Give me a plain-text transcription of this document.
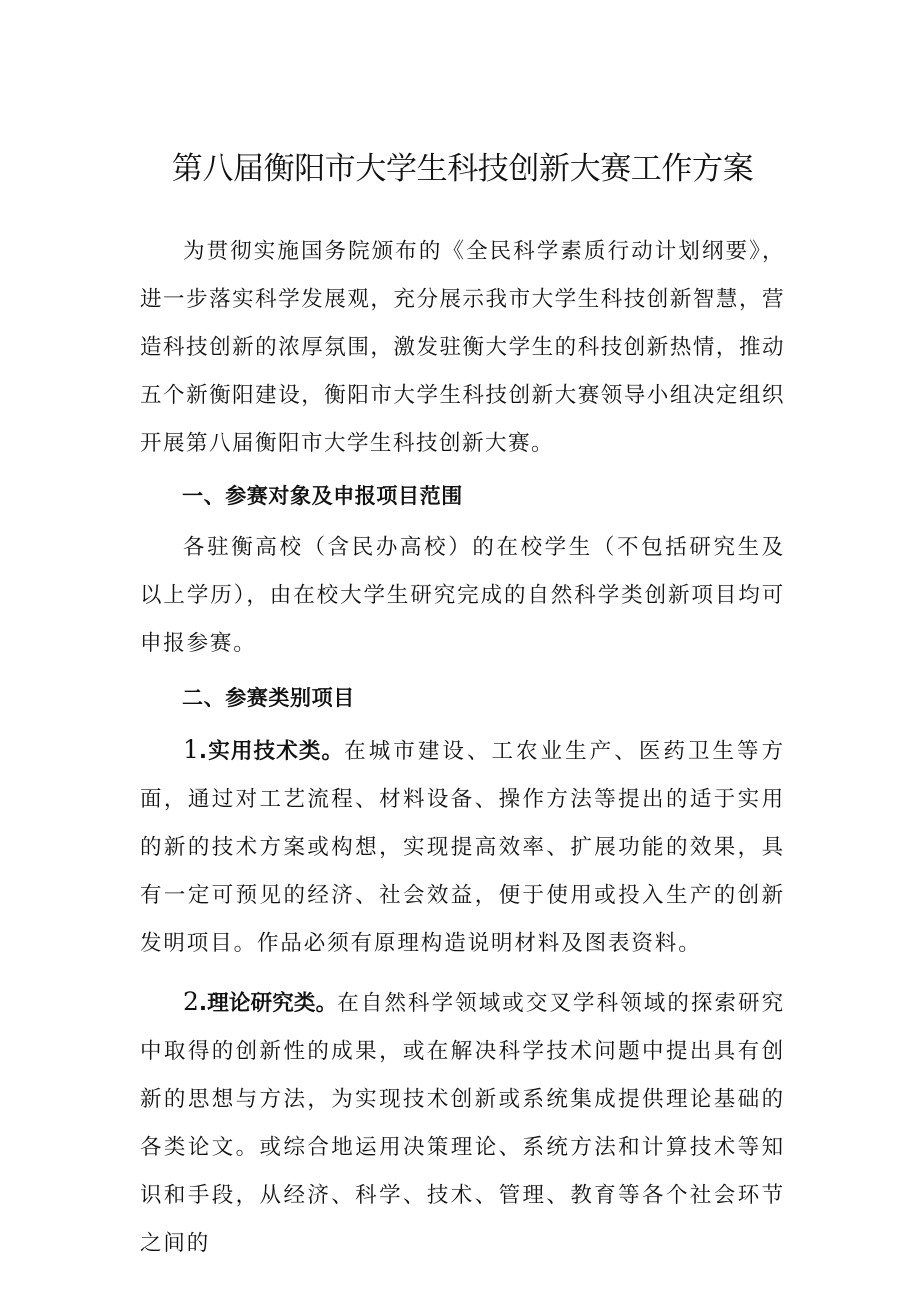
第八届衡阳市大学生科技创新大赛工作方案

为贯彻实施国务院颁布的《全民科学素质行动计划纲要》，进一步落实科学发展观，充分展示我市大学生科技创新智慧，营造科技创新的浓厚氛围，激发驻衡大学生的科技创新热情，推动五个新衡阳建设，衡阳市大学生科技创新大赛领导小组决定组织开展第八届衡阳市大学生科技创新大赛。

一、参赛对象及申报项目范围

各驻衡高校（含民办高校）的在校学生（不包括研究生及以上学历），由在校大学生研究完成的自然科学类创新项目均可申报参赛。

二、参赛类别项目

1.实用技术类。在城市建设、工农业生产、医药卫生等方面，通过对工艺流程、材料设备、操作方法等提出的适于实用的新的技术方案或构想，实现提高效率、扩展功能的效果，具有一定可预见的经济、社会效益，便于使用或投入生产的创新发明项目。作品必须有原理构造说明材料及图表资料。

2.理论研究类。在自然科学领域或交叉学科领域的探索研究中取得的创新性的成果，或在解决科学技术问题中提出具有创新的思想与方法，为实现技术创新或系统集成提供理论基础的各类论文。或综合地运用决策理论、系统方法和计算技术等知识和手段，从经济、科学、技术、管理、教育等各个社会环节之间的
